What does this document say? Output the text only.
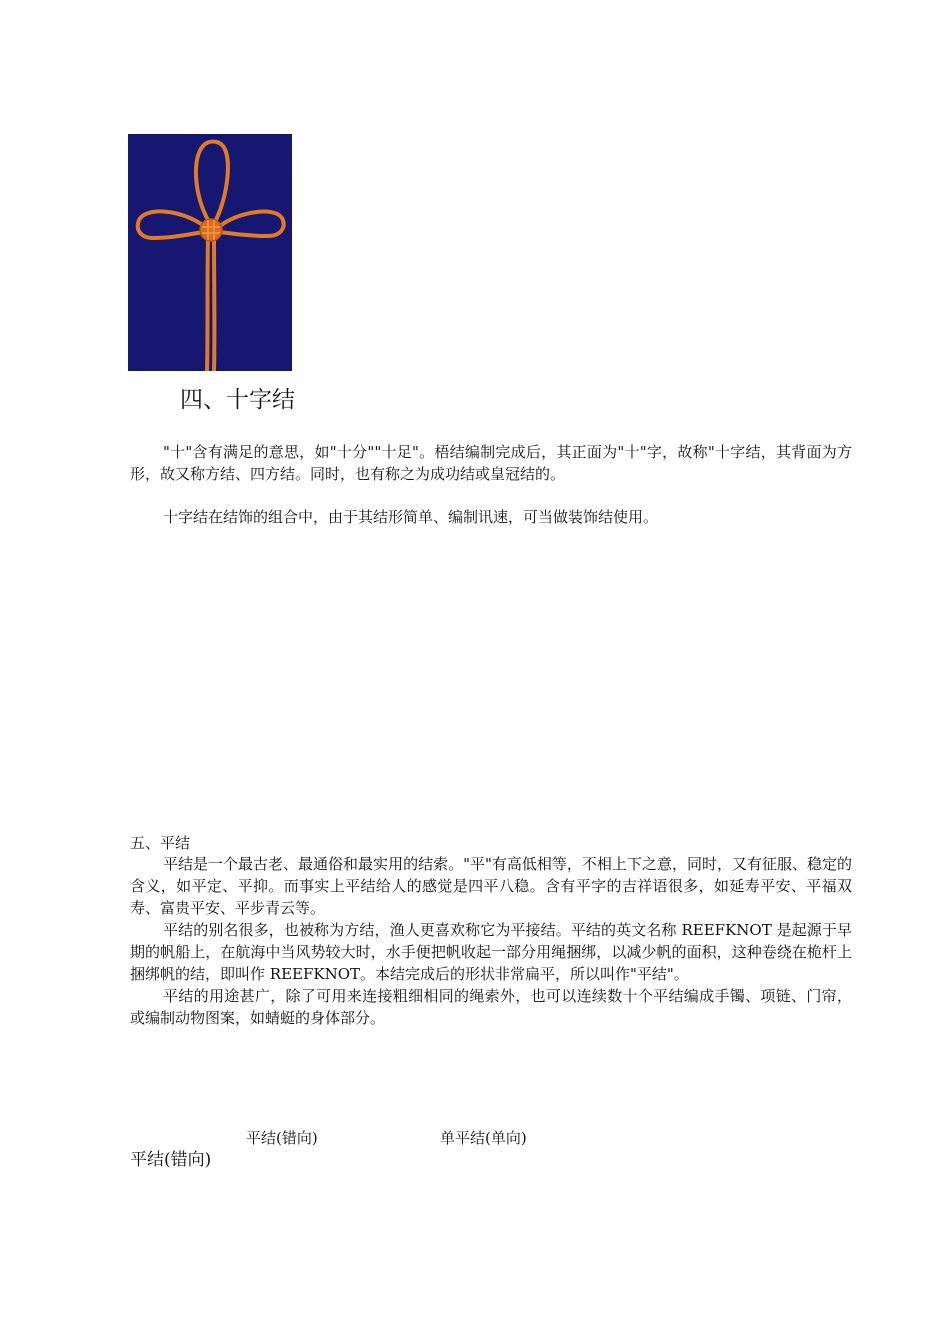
四、十字结

"十"含有满足的意思，如"十分""十足"。梧结编制完成后，其正面为"十"字，故称"十字结，其背面为方形，故又称方结、四方结。同时，也有称之为成功结或皇冠结的。

十字结在结饰的组合中，由于其结形简单、编制讯速，可当做装饰结使用。

五、平结

平结是一个最古老、最通俗和最实用的结索。"平"有高低相等，不相上下之意，同时，又有征服、稳定的含义，如平定、平抑。而事实上平结给人的感觉是四平八稳。含有平字的吉祥语很多，如延寿平安、平福双寿、富贵平安、平步青云等。

平结的别名很多，也被称为方结，渔人更喜欢称它为平接结。平结的英文名称 REEFKNOT 是起源于早期的帆船上，在航海中当风势较大时，水手便把帆收起一部分用绳捆绑，以减少帆的面积，这种卷绕在桅杆上捆绑帆的结，即叫作 REEFKNOT。本结完成后的形状非常扁平，所以叫作"平结"。

平结的用途甚广，除了可用来连接粗细相同的绳索外，也可以连续数十个平结编成手镯、项链、门帘，或编制动物图案，如蜻蜓的身体部分。

平结(错向)	单平结(单向)
平结(错向)
